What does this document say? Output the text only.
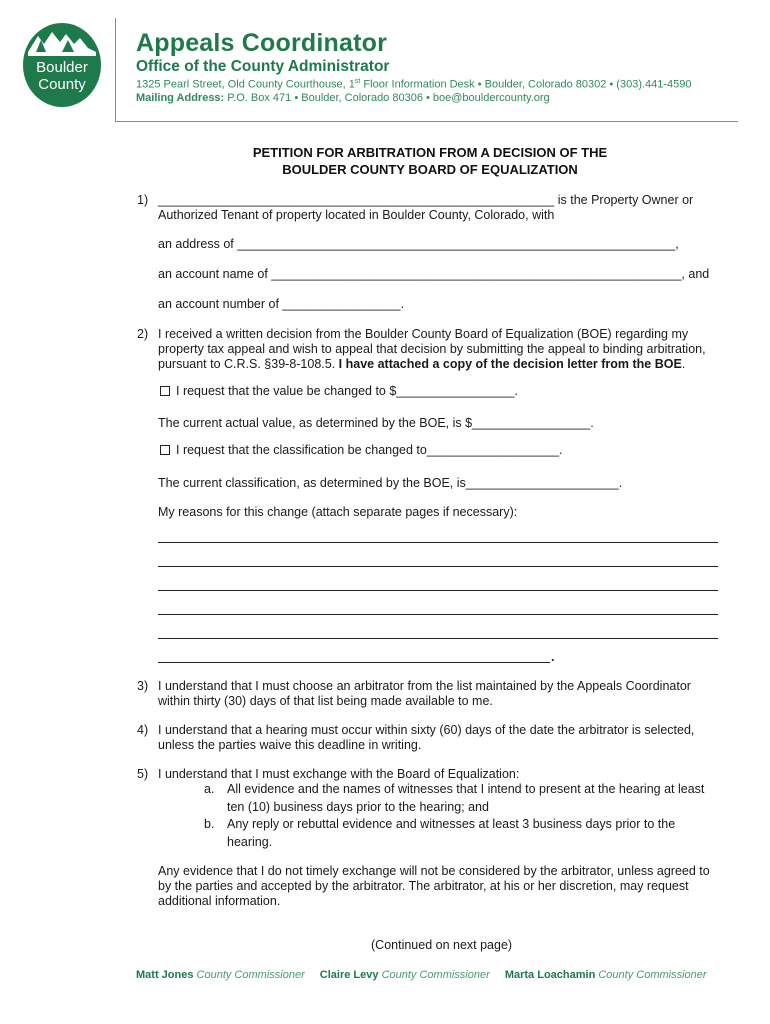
Boulder
County
Appeals Coordinator
Office of the County Administrator
1325 Pearl Street, Old County Courthouse, 1st Floor Information Desk • Boulder, Colorado 80302 • (303).441-4590
Mailing Address: P.O. Box 471 • Boulder, Colorado 80306 • boe@bouldercounty.org
PETITION FOR ARBITRATION FROM A DECISION OF THE
BOULDER COUNTY BOARD OF EQUALIZATION
1) _________________________________________________________ is the Property Owner or
Authorized Tenant of property located in Boulder County, Colorado, with
an address of _______________________________________________________________,
an account name of ___________________________________________________________, and
an account number of _________________.
2) I received a written decision from the Boulder County Board of Equalization (BOE) regarding my
property tax appeal and wish to appeal that decision by submitting the appeal to binding arbitration,
pursuant to C.R.S. §39-8-108.5. I have attached a copy of the decision letter from the BOE.
I request that the value be changed to $_________________.
The current actual value, as determined by the BOE, is $_________________.
I request that the classification be changed to___________________.
The current classification, as determined by the BOE, is______________________.
My reasons for this change (attach separate pages if necessary):
.
3) I understand that I must choose an arbitrator from the list maintained by the Appeals Coordinator
within thirty (30) days of that list being made available to me.
4) I understand that a hearing must occur within sixty (60) days of the date the arbitrator is selected,
unless the parties waive this deadline in writing.
5) I understand that I must exchange with the Board of Equalization:
a. All evidence and the names of witnesses that I intend to present at the hearing at least
ten (10) business days prior to the hearing; and
b. Any reply or rebuttal evidence and witnesses at least 3 business days prior to the
hearing.
Any evidence that I do not timely exchange will not be considered by the arbitrator, unless agreed to
by the parties and accepted by the arbitrator. The arbitrator, at his or her discretion, may request
additional information.
(Continued on next page)
Matt Jones County Commissioner Claire Levy County Commissioner Marta Loachamin County Commissioner
